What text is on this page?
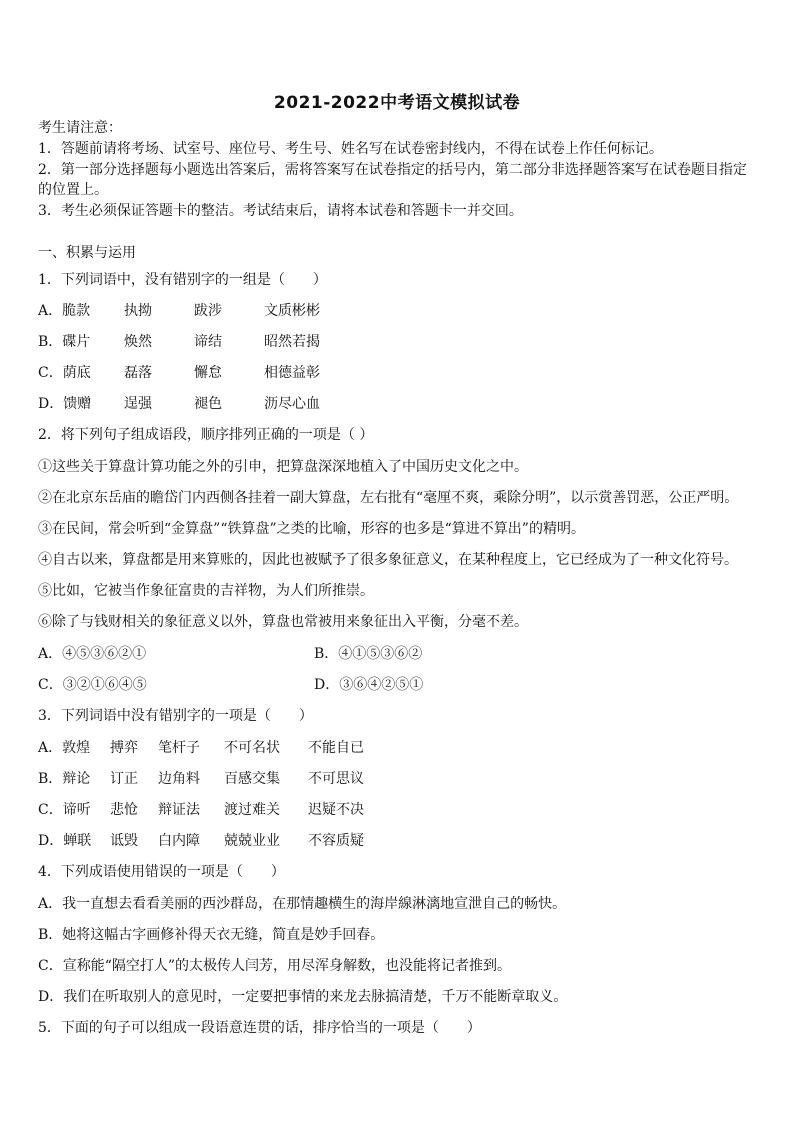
2021-2022中考语文模拟试卷
考生请注意：
1．答题前请将考场、试室号、座位号、考生号、姓名写在试卷密封线内，不得在试卷上作任何标记。
2．第一部分选择题每小题选出答案后，需将答案写在试卷指定的括号内，第二部分非选择题答案写在试卷题目指定的位置上。
3．考生必须保证答题卡的整洁。考试结束后，请将本试卷和答题卡一并交回。
一、积累与运用
1．下列词语中，没有错别字的一组是（　　）
A．脆款 执拗	跋涉	文质彬彬
B．碟片 焕然	谛结	昭然若揭
C．荫底 磊落	懈怠	相德益彰
D．馈赠 逞强	褪色	沥尽心血
2．将下列句子组成语段，顺序排列正确的一项是（ ）
①这些关于算盘计算功能之外的引申，把算盘深深地植入了中国历史文化之中。
②在北京东岳庙的瞻岱门内西侧各挂着一副大算盘，左右批有“毫厘不爽，乘除分明”，以示赏善罚恶，公正严明。
③在民间，常会听到“金算盘”“铁算盘”之类的比喻，形容的也多是“算进不算出”的精明。
④自古以来，算盘都是用来算账的，因此也被赋予了很多象征意义，在某种程度上，它已经成为了一种文化符号。
⑤比如，它被当作象征富贵的吉祥物，为人们所推崇。
⑥除了与钱财相关的象征意义以外，算盘也常被用来象征出入平衡，分毫不差。
A．④⑤③⑥②①	B．④①⑤③⑥②
C．③②①⑥④⑤	D．③⑥④②⑤①
3．下列词语中没有错别字的一项是（　　）
A．敦煌 搏弈 笔杆子 不可名状 不能自已
B．辩论 订正 边角料 百感交集 不可思议
C．谛听 悲怆 辩证法 渡过难关 迟疑不决
D．蝉联 诋毁 白内障 兢兢业业 不容质疑
4．下列成语使用错误的一项是（　　）
A．我一直想去看看美丽的西沙群岛，在那情趣横生的海岸線淋漓地宣泄自己的畅快。
B．她将这幅古字画修补得天衣无缝，简直是妙手回春。
C．宣称能“隔空打人”的太极传人闫芳，用尽浑身解数，也没能将记者推到。
D．我们在听取别人的意见时，一定要把事情的来龙去脉搞清楚，千万不能断章取义。
5．下面的句子可以组成一段语意连贯的话，排序恰当的一项是（　　）
